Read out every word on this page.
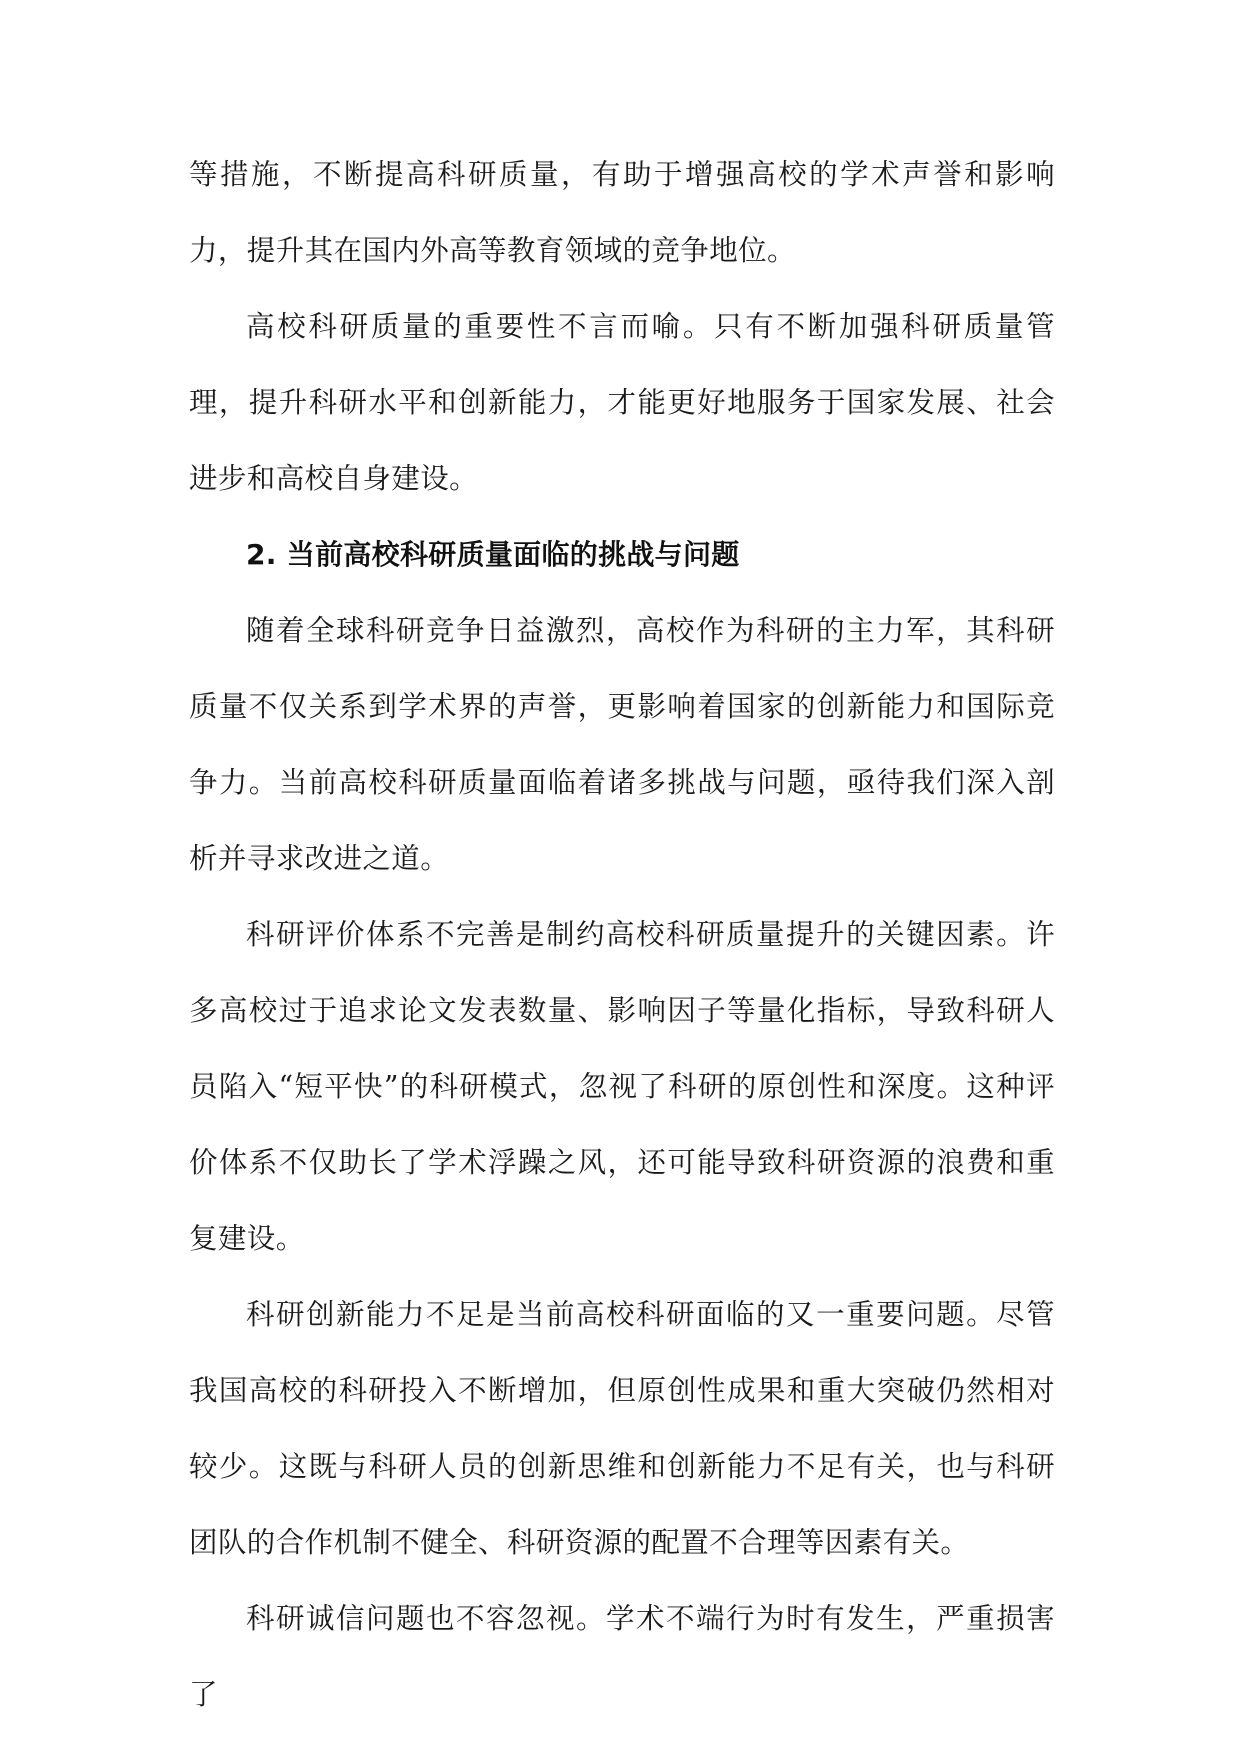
等措施，不断提高科研质量，有助于增强高校的学术声誉和影响力，提升其在国内外高等教育领域的竞争地位。

高校科研质量的重要性不言而喻。只有不断加强科研质量管理，提升科研水平和创新能力，才能更好地服务于国家发展、社会进步和高校自身建设。

2. 当前高校科研质量面临的挑战与问题

随着全球科研竞争日益激烈，高校作为科研的主力军，其科研质量不仅关系到学术界的声誉，更影响着国家的创新能力和国际竞争力。当前高校科研质量面临着诸多挑战与问题，亟待我们深入剖析并寻求改进之道。

科研评价体系不完善是制约高校科研质量提升的关键因素。许多高校过于追求论文发表数量、影响因子等量化指标，导致科研人员陷入“短平快”的科研模式，忽视了科研的原创性和深度。这种评价体系不仅助长了学术浮躁之风，还可能导致科研资源的浪费和重复建设。

科研创新能力不足是当前高校科研面临的又一重要问题。尽管我国高校的科研投入不断增加，但原创性成果和重大突破仍然相对较少。这既与科研人员的创新思维和创新能力不足有关，也与科研团队的合作机制不健全、科研资源的配置不合理等因素有关。

科研诚信问题也不容忽视。学术不端行为时有发生，严重损害了
